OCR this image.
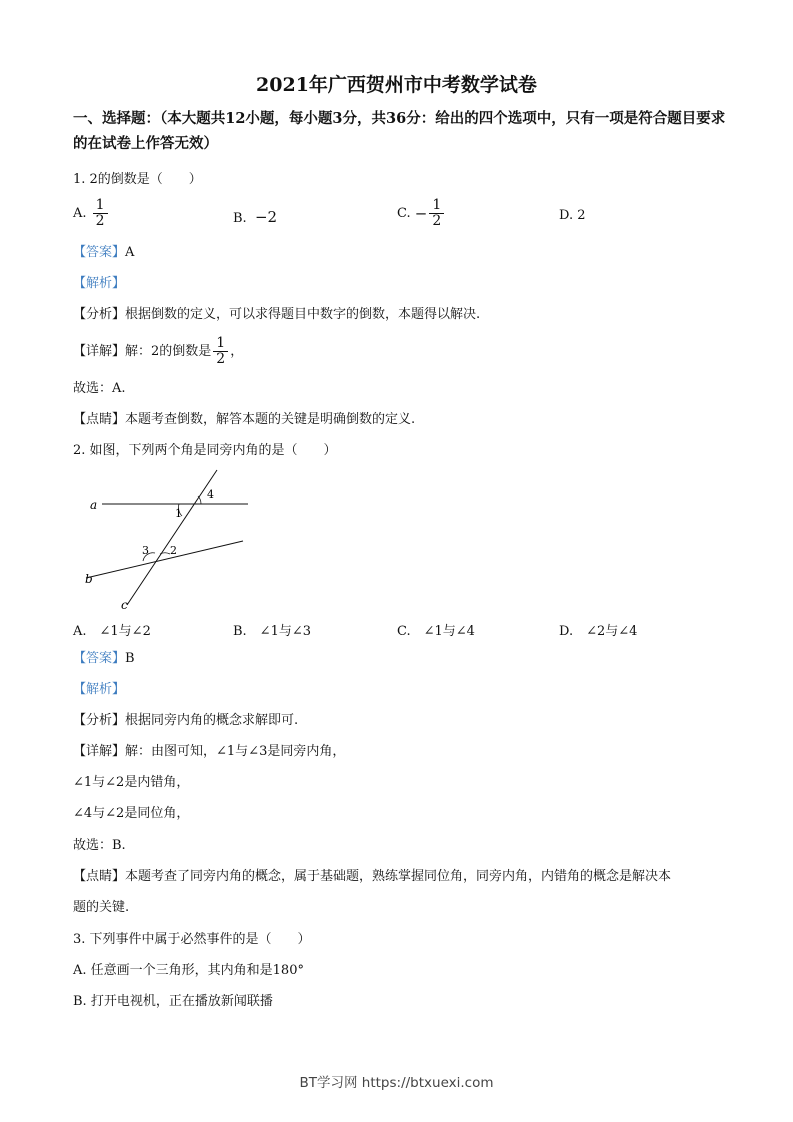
2021年广西贺州市中考数学试卷
一、选择题：（本大题共12小题，每小题3分，共36分：给出的四个选项中，只有一项是符合题目要求的在试卷上作答无效）
1. 2的倒数是（　　）
A. $\frac{1}{2}$	B. −2	C. − $\frac{1}{2}$	D. 2
【答案】A
【解析】
【分析】根据倒数的定义，可以求得题目中数字的倒数，本题得以解决.
【详解】解：2的倒数是 $\frac{1}{2}$ ，
故选：A.
【点睛】本题考查倒数，解答本题的关键是明确倒数的定义.
2. 如图，下列两个角是同旁内角的是（　　）
a
b
c
1
2
3
4
A.　∠1与∠2	B.　∠1与∠3	C.　∠1与∠4	D.　∠2与∠4
【答案】B
【解析】
【分析】根据同旁内角的概念求解即可.
【详解】解：由图可知，∠1与∠3是同旁内角，
∠1与∠2是内错角，
∠4与∠2是同位角，
故选：B.
【点睛】本题考查了同旁内角的概念，属于基础题，熟练掌握同位角，同旁内角，内错角的概念是解决本
题的关键.
3. 下列事件中属于必然事件的是（　　）
A. 任意画一个三角形，其内角和是180°
B. 打开电视机，正在播放新闻联播
BT学习网 https://btxuexi.com
